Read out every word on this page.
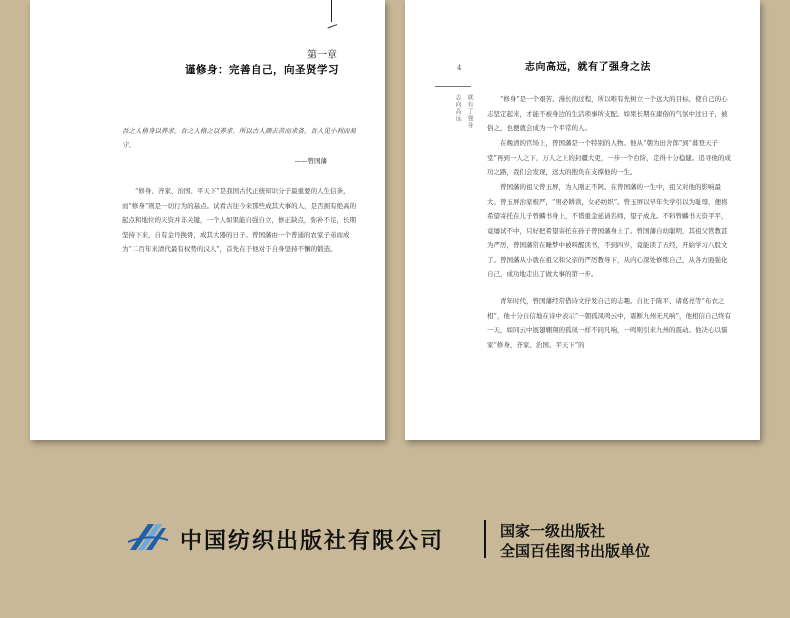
第一章
谨修身：完善自己，向圣贤学习
吾之人格身以养求。吾之人格之以养求。所以古人颜去苦而求备。吾人见小利而易守。
——曾国藩

“修身、齐家、治国、平天下”是我国古代正统知识分子最重要的人生信条，而“修身”则是一切行为的基点。试看古往今来那些成其大事的人，是否拥有绝高的起点和地位的天资并非关键，一个人如果能自强自立，修正缺点，弥补不足，长期坚持下来，自有金丹换骨，成其大器的日子。曾国藩由一个普通的农家子弟而成为“二百年来清代最有权势的汉人”，首先在于他对于自身坚持不懈的锻造。

4
志向高远 就有了强身
志向高远，就有了强身之法

“修身”是一个艰苦、漫长的过程，所以唯有先树立一个远大的目标，使自己的心志坚定起来，才能不被身边的生活琐事所支配。如果长期在庸俗的气氛中过日子，被俗之，也便就会成为一个平常的人。

在晚清的官场上，曾国藩是一个特别的人物。他从“朝为田舍郎”到“暮登天子堂”再到一人之下，万人之上的封疆大吏，一步一个台阶，走得十分稳健。追寻他的成功之路，我们会发现，远大的抱负在支撑他的一生。

曾国藩的祖父曾玉屏，为人刚正不阿。在曾国藩的一生中，祖父对他的影响最大。曾玉屏治家极严，“男必耕读，女必纺织”。曾玉屏以早年失学引以为耻辱，便将希望寄托在儿子曾麟书身上，不惜重金延请名师，望子成龙。不料曾麟书天资平平，竟屡试不中，只好把希望寄托在孙子曾国藩身上了。曾国藩自幼聪明，其祖父管教甚为严厉，曾国藩常在睡梦中被叫醒读书，不到四岁，竟能读了五经，开始学习八股文了。曾国藩从小就在祖父和父亲的严厉教导下，从内心深处修炼自己，从各方面强化自己，成功地走出了做大事的第一步。

青年时代，曾国藩经常借诗文抒发自己的志趣。自比于陈平、诸葛亮等“布衣之相”，他十分自信地在诗中表示“一朝孤凤鸣云中，震断九州无凡响”，他相信自己终有一天，如同云中展翅翱翔的孤凤一样不同凡响，一鸣则引来九州的震动。他决心以儒家“修身、齐家、治国、平天下”的

中国纺织出版社有限公司	国家一级出版社
全国百佳图书出版单位
